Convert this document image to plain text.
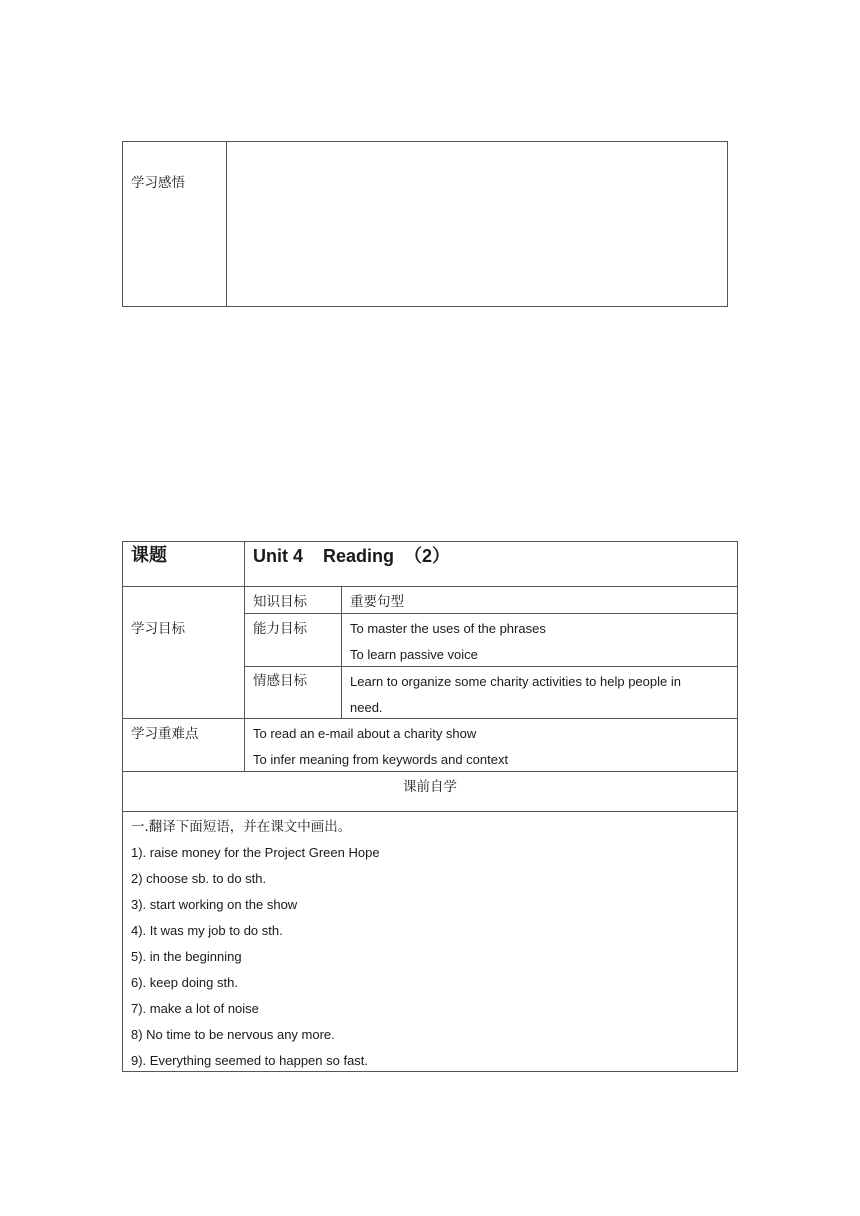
学习感悟
课题	Unit 4    Reading  （2）
学习目标
知识目标	重要句型
能力目标	To master the uses of the phrases
To learn passive voice
情感目标	Learn to organize some charity activities to help people in
need.
学习重难点	To read an e-mail about a charity show
To infer meaning from keywords and context
课前自学
一.翻译下面短语，并在课文中画出。
1). raise money for the Project Green Hope
2) choose sb. to do sth.
3). start working on the show
4). It was my job to do sth.
5). in the beginning
6). keep doing sth.
7). make a lot of noise
8) No time to be nervous any more.
9). Everything seemed to happen so fast.
